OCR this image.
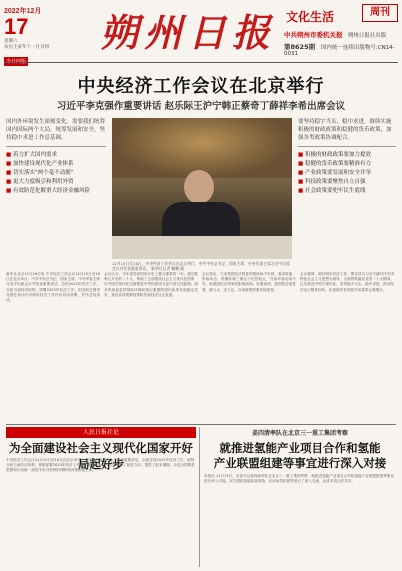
2022年12月
17
星期六
农历壬寅年十一月廿四 朔州日报 文化生活	周刊
中共朔州市委机关报 朔州日报社出版
第8625期 国内统一连续出版物号:CN14-0031
中央经济工作会议在北京举行
习近平李克强作重要讲话 赵乐际王沪宁韩正蔡奇丁薛祥李希出席会议
国内外环境发生深刻变化，需要我们统筹国内国际两个大局，统筹发展和安全，坚持稳中求进工作总基调。
■ 着力扩大国内需求
■ 加快建设现代化产业体系
■ 切实落实“两个毫不动摇”
■ 更大力度吸引和利用外资
■ 有效防范化解重大经济金融风险
12月15日至16日，中央经济工作会议在北京举行。中共中央总书记、国家主席、中央军委主席习近平出席会议并发表重要讲话。 新华社记者 鞠鹏 摄
要坚持稳字当头、稳中求进，继续实施积极的财政政策和稳健的货币政策，加强各类政策协调配合。
■ 积极的财政政策要加力提效
■ 稳健的货币政策要精准有力
■ 产业政策要发展和安全并举
■ 科技政策要聚焦自立自强
■ 社会政策要兜牢民生底线
新华社北京12月16日电 中央经济工作会议12月15日至16日在北京举行。中共中央总书记、国家主席、中央军委主席习近平出席会议并发表重要讲话，总结2022年经济工作，分析当前经济形势，部署2023年经济工作。国务院总理李克强在讲话中对明年经济工作作出具体部署，并作总结讲话。
会议认为，今年是党和国家历史上极为重要的一年。我们胜利召开党的二十大，擘画了全面建设社会主义现代化国家、以中国式现代化全面推进中华民族伟大复兴的宏伟蓝图。面对风高浪急的国际环境和艰巨繁重的国内改革发展稳定任务，我们高效统筹疫情防控和经济社会发展。
会议指出，当前我国经济恢复的基础尚不牢固，需求收缩、供给冲击、预期转弱三重压力仍然较大，外部环境动荡不安，给我国经济带来的影响加深。但要看到，我国经济韧性强、潜力大、活力足，各项政策效果持续显现。
会议强调，做好明年经济工作，要坚持以习近平新时代中国特色社会主义思想为指导，全面贯彻落实党的二十大精神，扎实推进中国式现代化，坚持稳字当头、稳中求进，推动经济运行整体好转，实现质的有效提升和量的合理增长。
人民日报社论
为全面建设社会主义现代化国家开好局起好步
中央经济工作会议12月15日至16日在北京举行。习近平总书记在会上发表重要讲话，全面总结2022年经济工作，深刻分析当前经济形势，系统部署2023年经济工作，为做好明年经济工作指明了前进方向、提供了根本遵循。全党全国要把思想和行动统一到党中央对形势的判断和决策部署上来。
姜四清率队在北京三一重工集团考察
就推进氢能产业项目合作和氢能
产业联盟组建等事宜进行深入对接
本报讯 12月15日，市委书记姜四清率队在北京三一重工集团考察，就推进氢能产业项目合作和氢能产业联盟组建等事宜进行深入对接。双方围绕氢能装备制造、应用场景拓展等进行了深入交流，达成多项合作共识。
